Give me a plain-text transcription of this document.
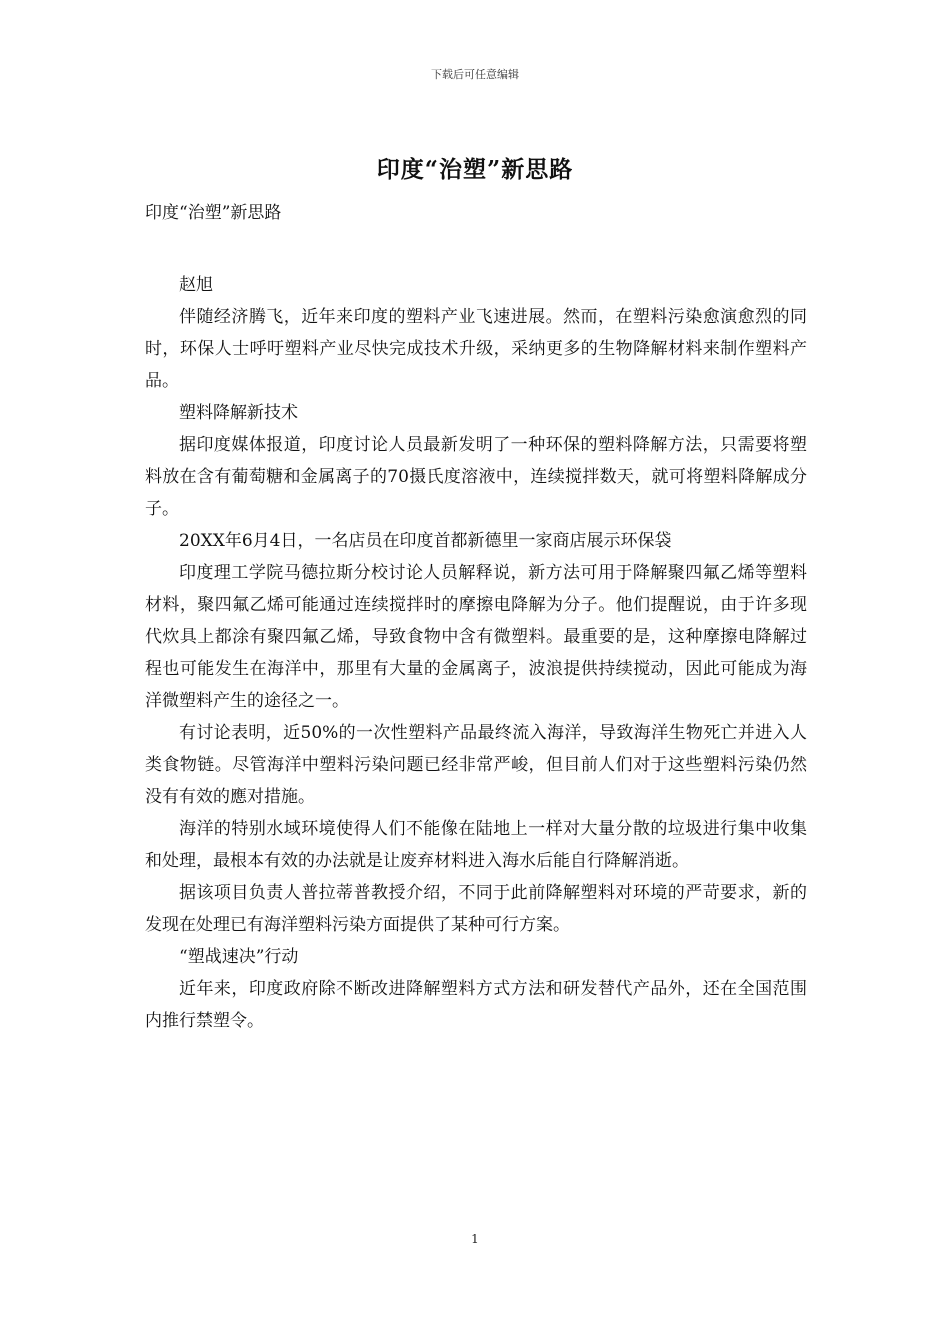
下载后可任意编辑
印度“治塑”新思路

印度“治塑”新思路

赵旭

伴随经济腾飞，近年来印度的塑料产业飞速进展。然而，在塑料污染愈演愈烈的同时，环保人士呼吁塑料产业尽快完成技术升级，采纳更多的生物降解材料来制作塑料产品。

塑料降解新技术

据印度媒体报道，印度讨论人员最新发明了一种环保的塑料降解方法，只需要将塑料放在含有葡萄糖和金属离子的70摄氏度溶液中，连续搅拌数天，就可将塑料降解成分子。

20XX年6月4日，一名店员在印度首都新德里一家商店展示环保袋

印度理工学院马德拉斯分校讨论人员解释说，新方法可用于降解聚四氟乙烯等塑料材料，聚四氟乙烯可能通过连续搅拌时的摩擦电降解为分子。他们提醒说，由于许多现代炊具上都涂有聚四氟乙烯，导致食物中含有微塑料。最重要的是，这种摩擦电降解过程也可能发生在海洋中，那里有大量的金属离子，波浪提供持续搅动，因此可能成为海洋微塑料产生的途径之一。

有讨论表明，近50%的一次性塑料产品最终流入海洋，导致海洋生物死亡并进入人类食物链。尽管海洋中塑料污染问题已经非常严峻，但目前人们对于这些塑料污染仍然没有有效的應对措施。

海洋的特别水域环境使得人们不能像在陆地上一样对大量分散的垃圾进行集中收集和处理，最根本有效的办法就是让废弃材料进入海水后能自行降解消逝。

据该项目负责人普拉蒂普教授介绍，不同于此前降解塑料对环境的严苛要求，新的发现在处理已有海洋塑料污染方面提供了某种可行方案。

“塑战速决”行动

近年来，印度政府除不断改进降解塑料方式方法和研发替代产品外，还在全国范围内推行禁塑令。

1
